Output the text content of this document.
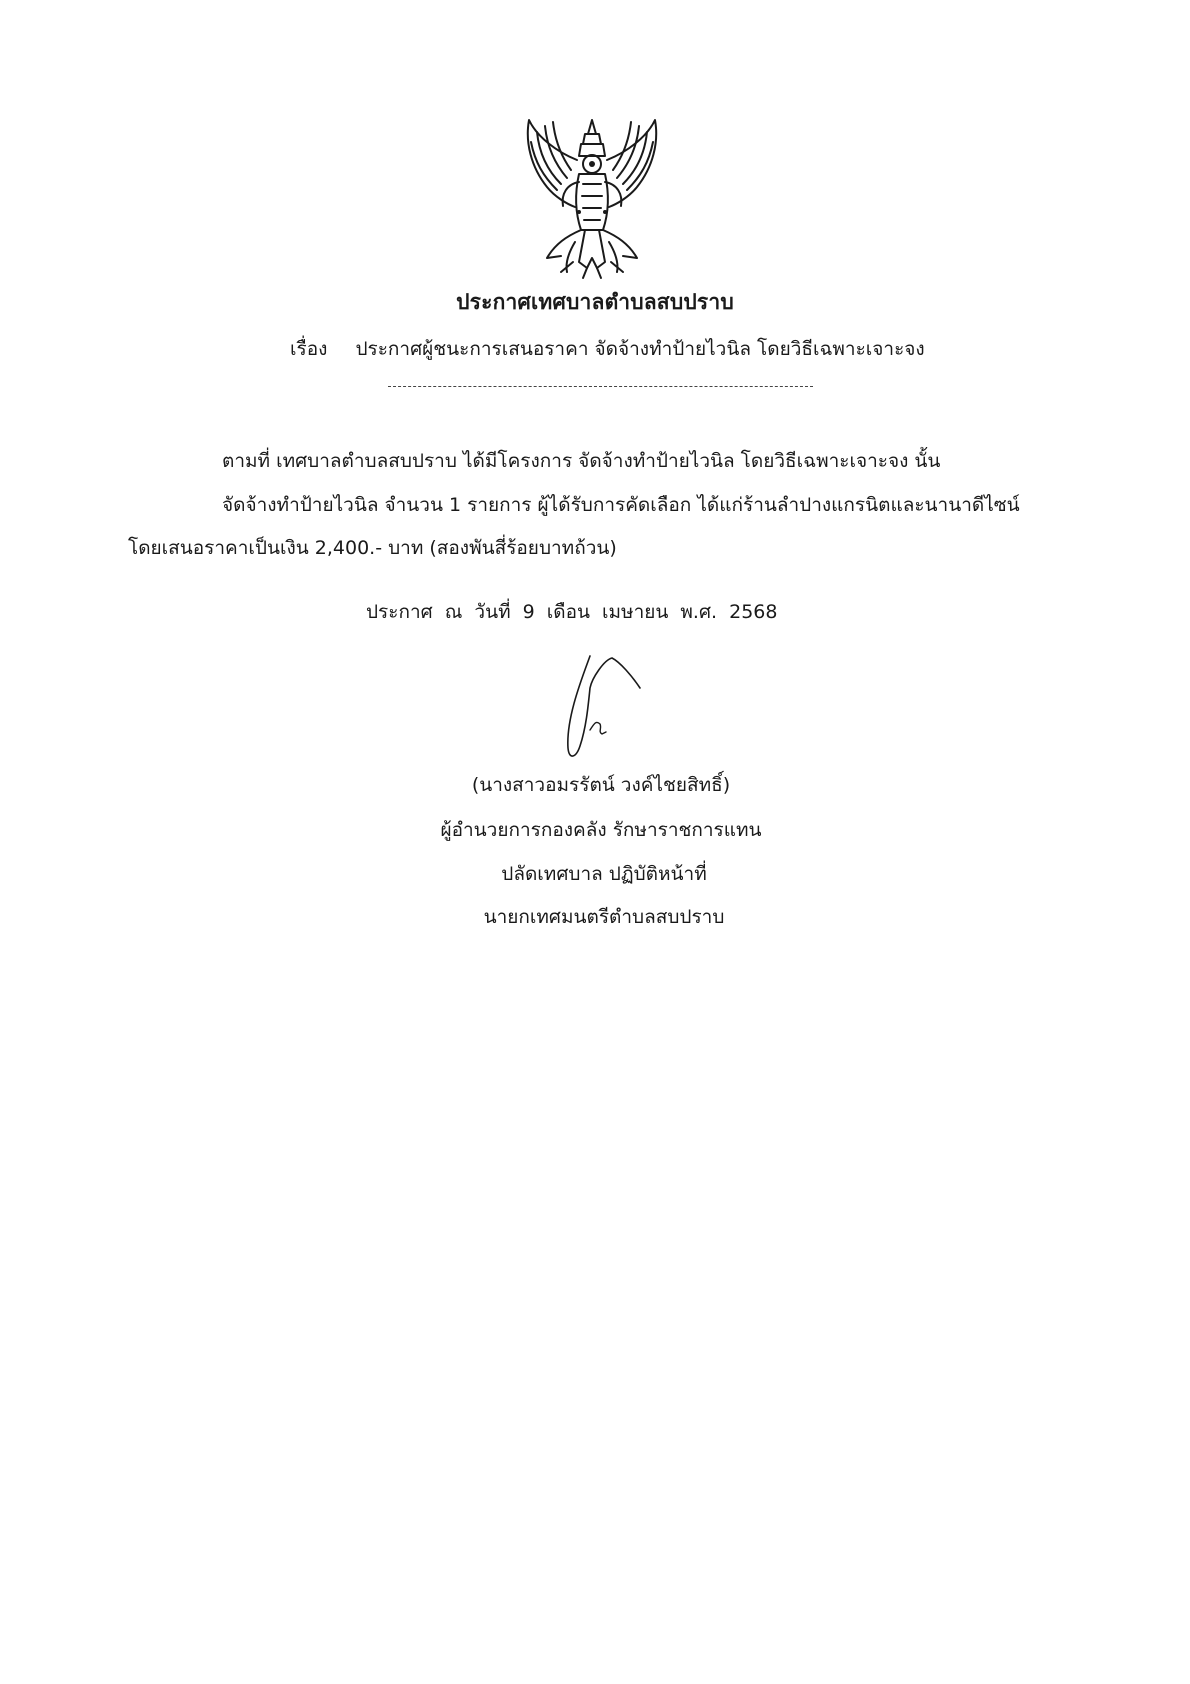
ประกาศเทศบาลตำบลสบปราบ
เรื่อง ประกาศผู้ชนะการเสนอราคา จัดจ้างทำป้ายไวนิล โดยวิธีเฉพาะเจาะจง
ตามที่ เทศบาลตำบลสบปราบ ได้มีโครงการ จัดจ้างทำป้ายไวนิล โดยวิธีเฉพาะเจาะจง นั้น
จัดจ้างทำป้ายไวนิล จำนวน 1 รายการ ผู้ได้รับการคัดเลือก ได้แก่ร้านลำปางแกรนิตและนานาดีไซน์
โดยเสนอราคาเป็นเงิน 2,400.- บาท (สองพันสี่ร้อยบาทถ้วน)
ประกาศ ณ วันที่ 9 เดือน เมษายน พ.ศ. 2568
(นางสาวอมรรัตน์ วงค์ไชยสิทธิ์)
ผู้อำนวยการกองคลัง รักษาราชการแทน
ปลัดเทศบาล ปฏิบัติหน้าที่
นายกเทศมนตรีตำบลสบปราบ
